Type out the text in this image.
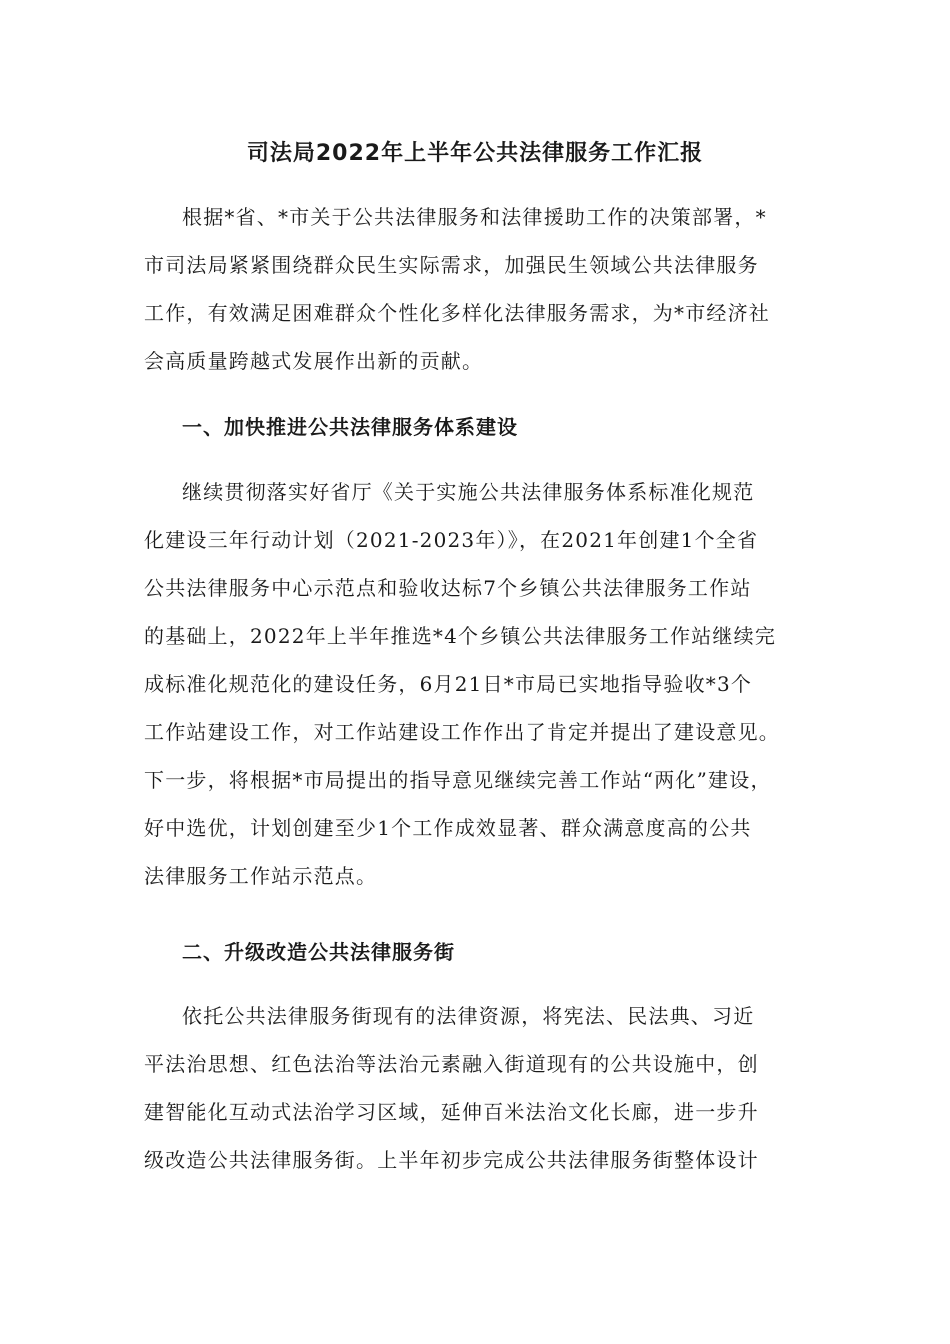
司法局2022年上半年公共法律服务工作汇报
根据*省、*市关于公共法律服务和法律援助工作的决策部署，*
市司法局紧紧围绕群众民生实际需求，加强民生领域公共法律服务
工作，有效满足困难群众个性化多样化法律服务需求，为*市经济社
会高质量跨越式发展作出新的贡献。
一、加快推进公共法律服务体系建设
继续贯彻落实好省厅《关于实施公共法律服务体系标准化规范
化建设三年行动计划（2021-2023年）》，在2021年创建1个全省
公共法律服务中心示范点和验收达标7个乡镇公共法律服务工作站
的基础上，2022年上半年推选*4个乡镇公共法律服务工作站继续完
成标准化规范化的建设任务，6月21日*市局已实地指导验收*3个
工作站建设工作，对工作站建设工作作出了肯定并提出了建设意见。
下一步，将根据*市局提出的指导意见继续完善工作站“两化”建设，
好中选优，计划创建至少1个工作成效显著、群众满意度高的公共
法律服务工作站示范点。
二、升级改造公共法律服务街
依托公共法律服务街现有的法律资源，将宪法、民法典、习近
平法治思想、红色法治等法治元素融入街道现有的公共设施中，创
建智能化互动式法治学习区域，延伸百米法治文化长廊，进一步升
级改造公共法律服务街。上半年初步完成公共法律服务街整体设计
